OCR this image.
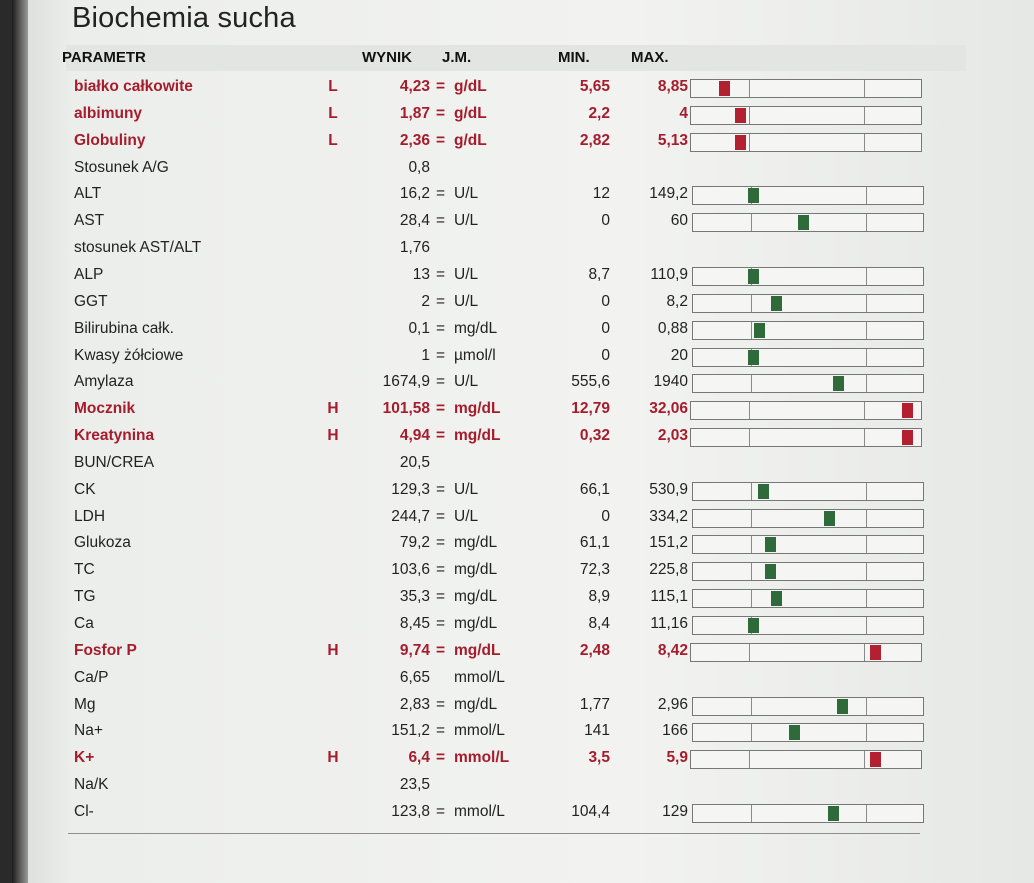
Biochemia sucha
PARAMETR	WYNIK J.M.	MIN.	MAX.
białko całkowite	L	4,23 = g/dL	5,65	8,85
albimuny	L	1,87 = g/dL	2,2	4
Globuliny	L	2,36 = g/dL	2,82	5,13
Stosunek A/G	0,8
ALT	16,2 = U/L	12	149,2
AST	28,4 = U/L	0	60
stosunek AST/ALT	1,76
ALP	13 = U/L	8,7	110,9
GGT	2 = U/L	0	8,2
Bilirubina całk.	0,1 = mg/dL	0	0,88
Kwasy żółciowe	1 = µmol/l	0	20
Amylaza	1674,9 = U/L	555,6	1940
Mocznik	H	101,58 = mg/dL	12,79	32,06
Kreatynina	H	4,94 = mg/dL	0,32	2,03
BUN/CREA	20,5
CK	129,3 = U/L	66,1	530,9
LDH	244,7 = U/L	0	334,2
Glukoza	79,2 = mg/dL	61,1	151,2
TC	103,6 = mg/dL	72,3	225,8
TG	35,3 = mg/dL	8,9	115,1
Ca	8,45 = mg/dL	8,4	11,16
Fosfor P	H	9,74 = mg/dL	2,48	8,42
Ca/P	6,65 mmol/L
Mg	2,83 = mg/dL	1,77	2,96
Na+	151,2 = mmol/L	141	166
K+	H	6,4 = mmol/L	3,5	5,9
Na/K	23,5
Cl-	123,8 = mmol/L	104,4	129
